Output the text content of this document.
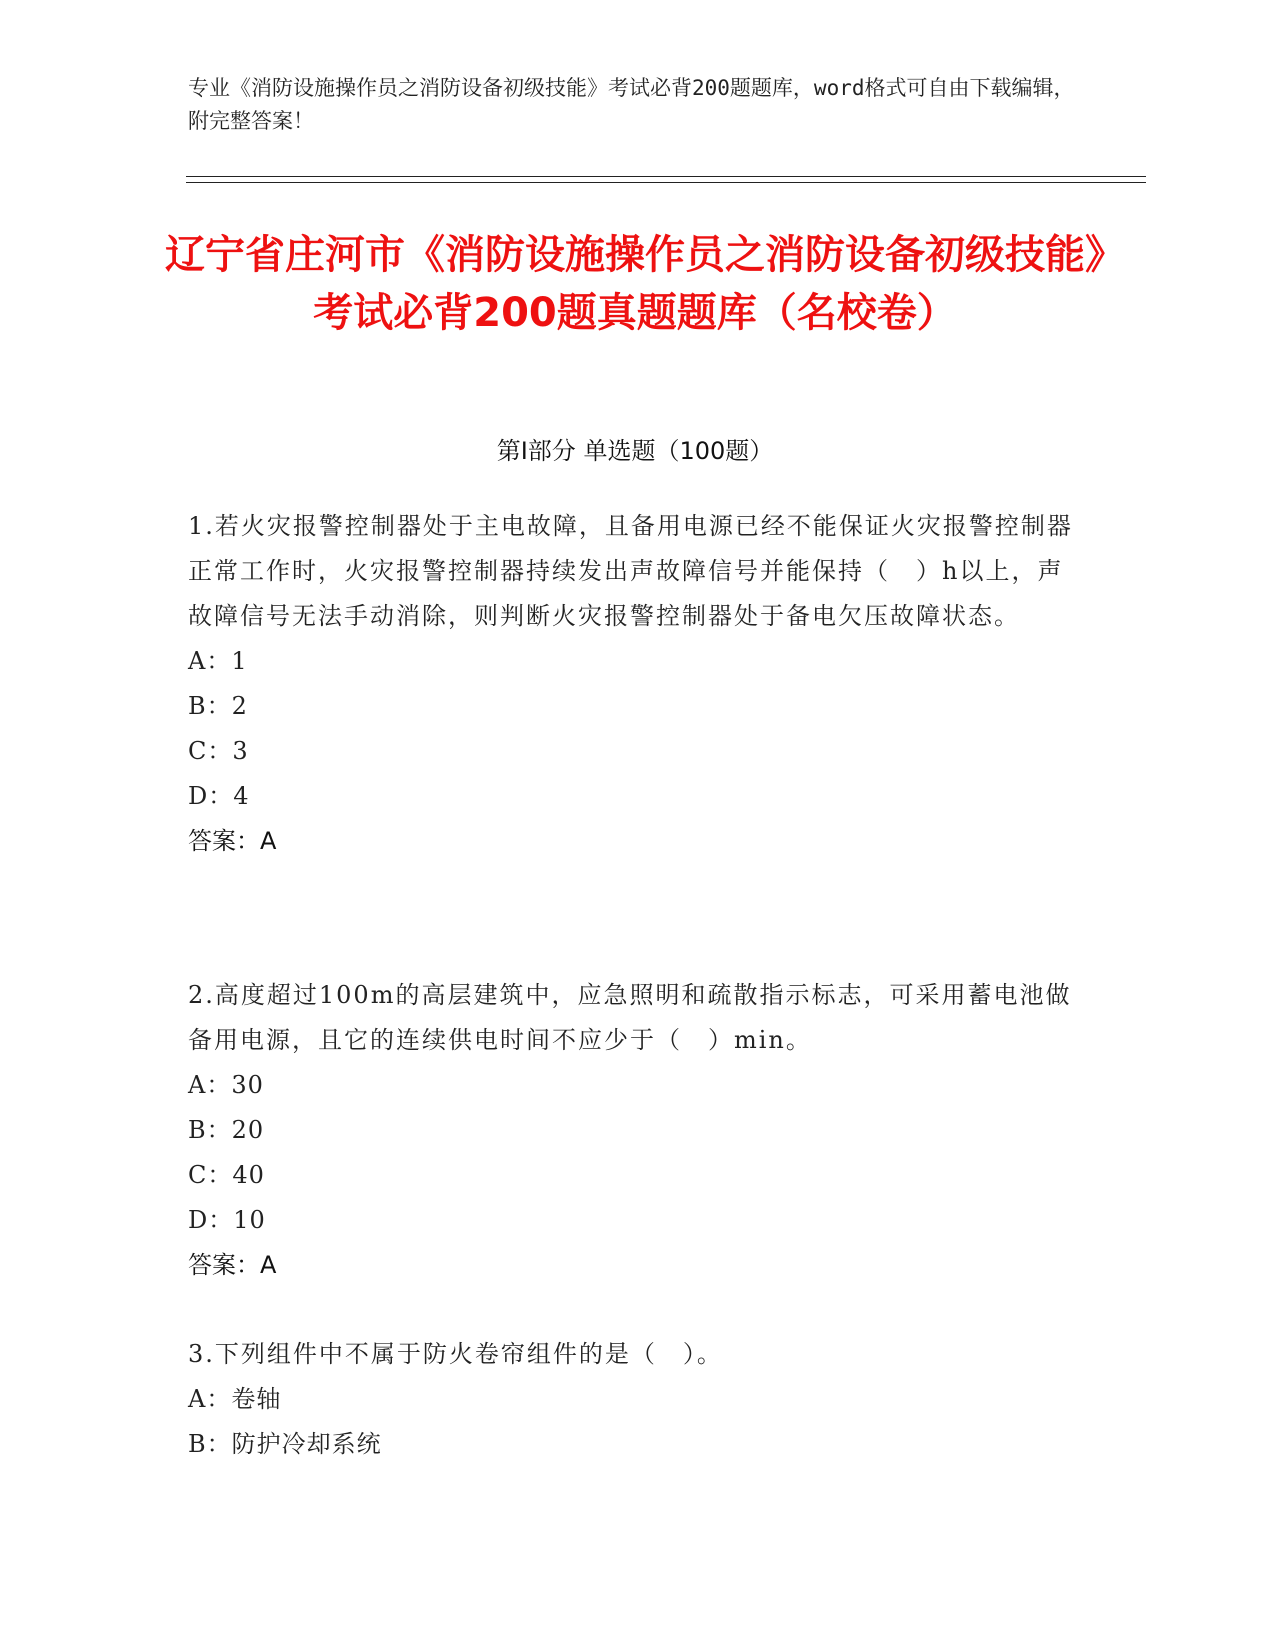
专业《消防设施操作员之消防设备初级技能》考试必背200题题库，word格式可自由下载编辑，附完整答案！
辽宁省庄河市《消防设施操作员之消防设备初级技能》考试必背200题真题题库（名校卷）
第I部分 单选题（100题）
1.若火灾报警控制器处于主电故障，且备用电源已经不能保证火灾报警控制器正常工作时，火灾报警控制器持续发出声故障信号并能保持（　）h以上，声故障信号无法手动消除，则判断火灾报警控制器处于备电欠压故障状态。
A：1
B：2
C：3
D：4
答案：A
2.高度超过100m的高层建筑中，应急照明和疏散指示标志，可采用蓄电池做备用电源，且它的连续供电时间不应少于（　）min。
A：30
B：20
C：40
D：10
答案：A
3.下列组件中不属于防火卷帘组件的是（　）。
A：卷轴
B：防护冷却系统
